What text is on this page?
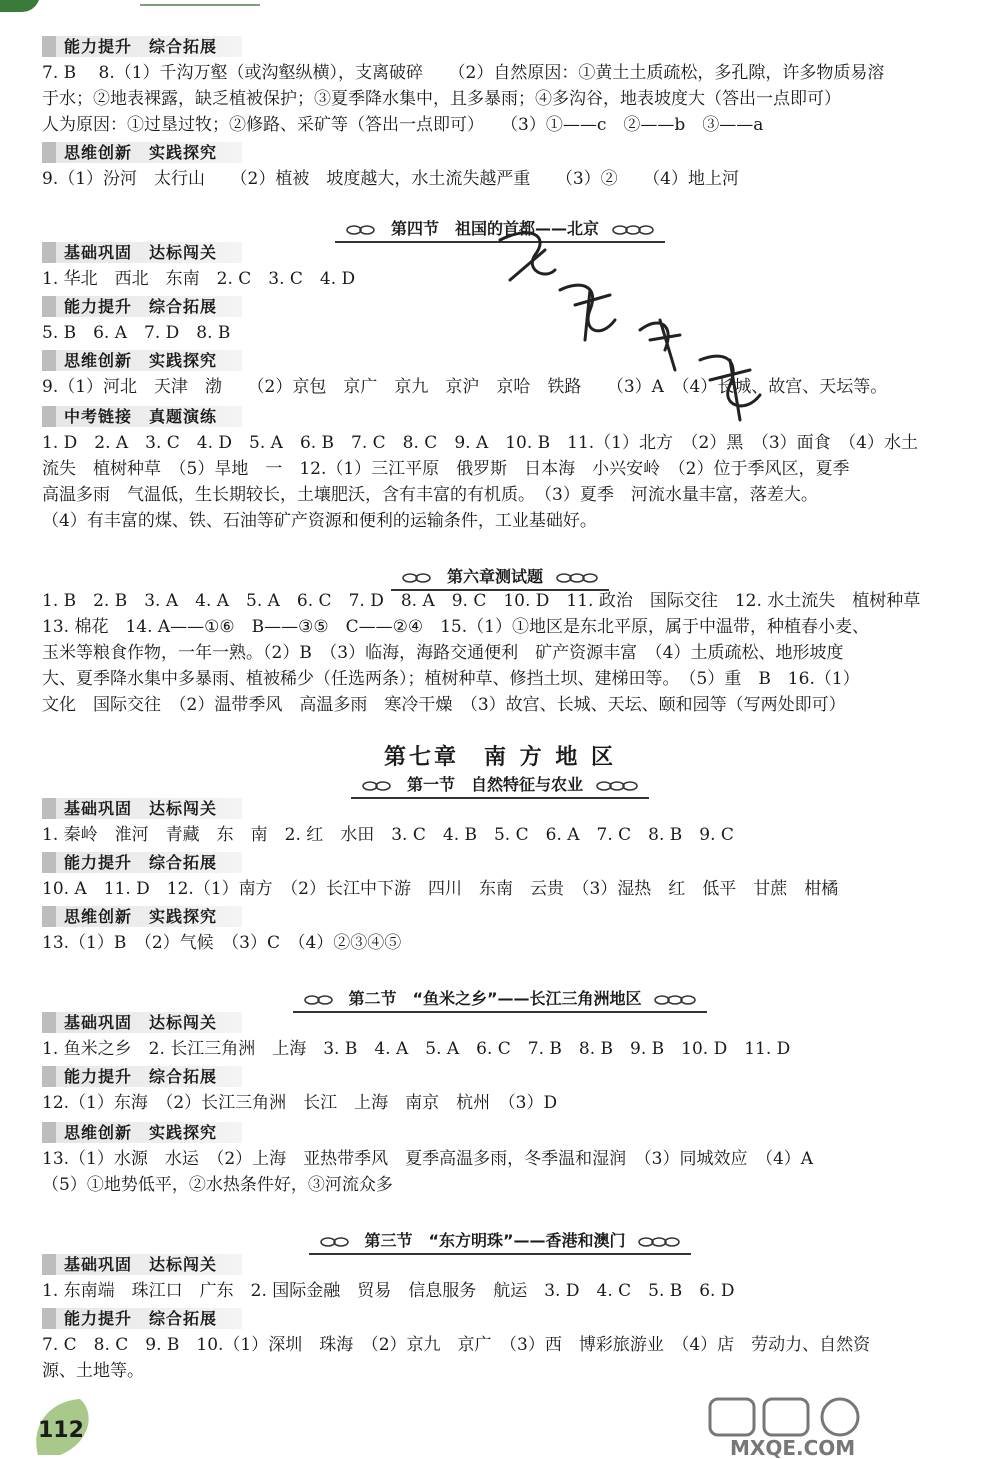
能力提升　综合拓展
7. B　 8.（1）千沟万壑（或沟壑纵横），支离破碎　　（2）自然原因：①黄土土质疏松，多孔隙，许多物质易溶
于水；②地表裸露，缺乏植被保护；③夏季降水集中，且多暴雨；④多沟谷，地表坡度大（答出一点即可）
人为原因：①过垦过牧；②修路、采矿等（答出一点即可）　　（3）①——c　②——b　③——a
思维创新　实践探究
9.（1）汾河　太行山　　（2）植被　坡度越大，水土流失越严重　　（3）②　　（4）地上河
第四节　祖国的首都——北京
基础巩固　达标闯关
1. 华北　西北　东南　2. C　3. C　4. D
能力提升　综合拓展
5. B　6. A　7. D　8. B
思维创新　实践探究
9.（1）河北　天津　渤　　（2）京包　京广　京九　京沪　京哈　铁路　　（3）A　（4）长城、故宫、天坛等。
中考链接　真题演练
1. D　2. A　3. C　4. D　5. A　6. B　7. C　8. C　9. A　10. B　11.（1）北方　（2）黑　（3）面食　（4）水土
流失　植树种草　（5）旱地　一　12.（1）三江平原　俄罗斯　日本海　小兴安岭　（2）位于季风区，夏季
高温多雨　气温低，生长期较长，土壤肥沃，含有丰富的有机质。　（3）夏季　河流水量丰富，落差大。
（4）有丰富的煤、铁、石油等矿产资源和便利的运输条件，工业基础好。
第六章测试题
1. B　2. B　3. A　4. A　5. A　6. C　7. D　8. A　9. C　10. D　11. 政治　国际交往　12. 水土流失　植树种草
13. 棉花　14. A——①⑥　B——③⑤　C——②④　15.（1）①地区是东北平原，属于中温带，种植春小麦、
玉米等粮食作物，一年一熟。（2）B　（3）临海，海路交通便利　矿产资源丰富　（4）土质疏松、地形坡度
大、夏季降水集中多暴雨、植被稀少（任选两条）；植树种草、修挡土坝、建梯田等。　（5）重　B　16.（1）
文化　国际交往　（2）温带季风　高温多雨　寒冷干燥　（3）故宫、长城、天坛、颐和园等（写两处即可）
第七章　南 方 地 区
第一节　自然特征与农业
基础巩固　达标闯关
1. 秦岭　淮河　青藏　东　南　2. 红　水田　3. C　4. B　5. C　6. A　7. C　8. B　9. C
能力提升　综合拓展
10. A　11. D　12.（1）南方　（2）长江中下游　四川　东南　云贵　（3）湿热　红　低平　甘蔗　柑橘
思维创新　实践探究
13.（1）B　（2）气候　（3）C　（4）②③④⑤
第二节　“鱼米之乡”——长江三角洲地区
基础巩固　达标闯关
1. 鱼米之乡　2. 长江三角洲　上海　3. B　4. A　5. A　6. C　7. B　8. B　9. B　10. D　11. D
能力提升　综合拓展
12.（1）东海　（2）长江三角洲　长江　上海　南京　杭州　（3）D
思维创新　实践探究
13.（1）水源　水运　（2）上海　亚热带季风　夏季高温多雨，冬季温和湿润　（3）同城效应　（4）A
（5）①地势低平，②水热条件好，③河流众多
第三节　“东方明珠”——香港和澳门
基础巩固　达标闯关
1. 东南端　珠江口　广东　2. 国际金融　贸易　信息服务　航运　3. D　4. C　5. B　6. D
能力提升　综合拓展
7. C　8. C　9. B　10.（1）深圳　珠海　（2）京九　京广　（3）西　博彩旅游业　（4）店　劳动力、自然资
源、土地等。
112
MXQE.COM
